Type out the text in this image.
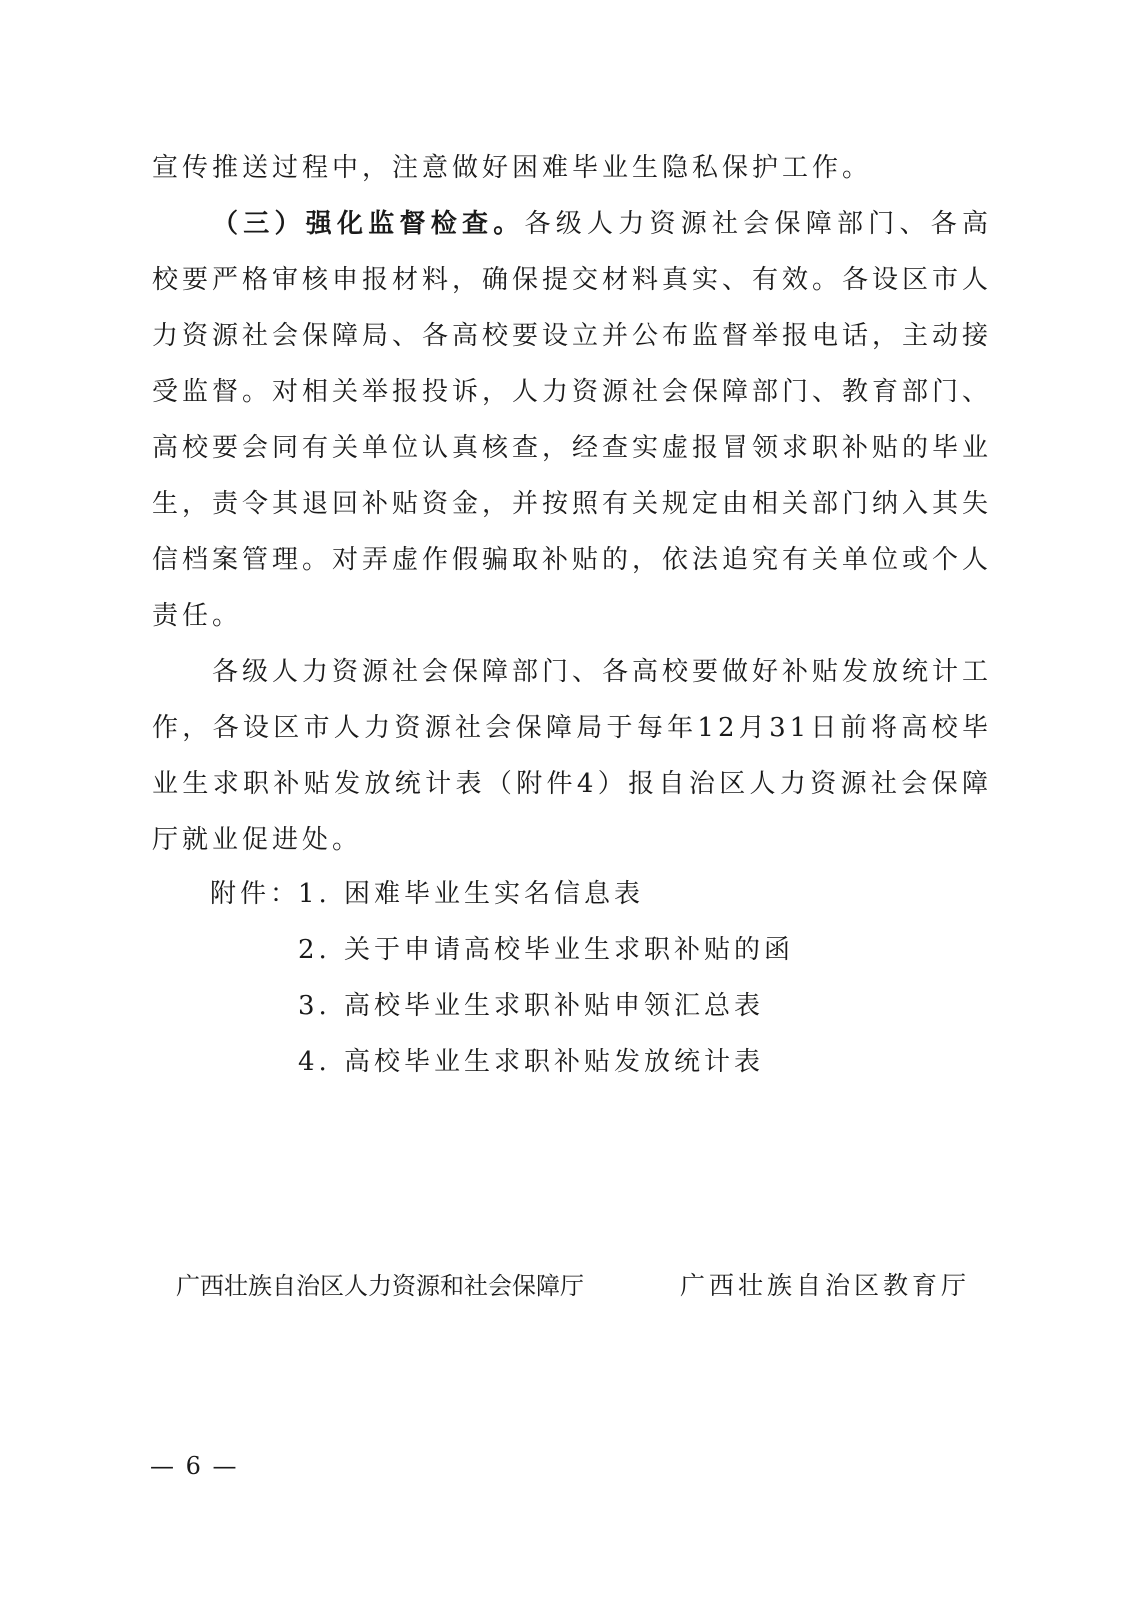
宣传推送过程中，注意做好困难毕业生隐私保护工作。

（三）强化监督检查。各级人力资源社会保障部门、各高校要严格审核申报材料，确保提交材料真实、有效。各设区市人力资源社会保障局、各高校要设立并公布监督举报电话，主动接受监督。对相关举报投诉，人力资源社会保障部门、教育部门、高校要会同有关单位认真核查，经查实虚报冒领求职补贴的毕业生，责令其退回补贴资金，并按照有关规定由相关部门纳入其失信档案管理。对弄虚作假骗取补贴的，依法追究有关单位或个人责任。

各级人力资源社会保障部门、各高校要做好补贴发放统计工作，各设区市人力资源社会保障局于每年12月31日前将高校毕业生求职补贴发放统计表（附件4）报自治区人力资源社会保障厅就业促进处。

附件：
1. 困难毕业生实名信息表
2. 关于申请高校毕业生求职补贴的函
3. 高校毕业生求职补贴申领汇总表
4. 高校毕业生求职补贴发放统计表
广西壮族自治区人力资源和社会保障厅	广西壮族自治区教育厅
— 6 —
